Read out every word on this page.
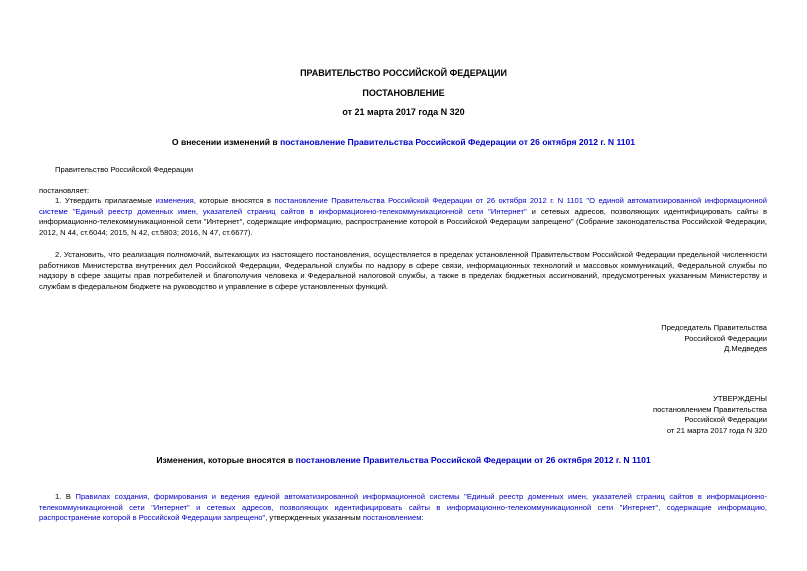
ПРАВИТЕЛЬСТВО РОССИЙСКОЙ ФЕДЕРАЦИИ
ПОСТАНОВЛЕНИЕ
от 21 марта 2017 года N 320
О внесении изменений в постановление Правительства Российской Федерации от 26 октября 2012 г. N 1101
Правительство Российской Федерации
постановляет:
1. Утвердить прилагаемые изменения, которые вносятся в постановление Правительства Российской Федерации от 26 октября 2012 г. N 1101 "О единой автоматизированной информационной системе "Единый реестр доменных имен, указателей страниц сайтов в информационно-телекоммуникационной сети "Интернет" и сетевых адресов, позволяющих идентифицировать сайты в информационно-телекоммуникационной сети "Интернет", содержащие информацию, распространение которой в Российской Федерации запрещено" (Собрание законодательства Российской Федерации, 2012, N 44, ст.6044; 2015, N 42, ст.5803; 2016, N 47, ст.6677).
2. Установить, что реализация полномочий, вытекающих из настоящего постановления, осуществляется в пределах установленной Правительством Российской Федерации предельной численности работников Министерства внутренних дел Российской Федерации, Федеральной службы по надзору в сфере связи, информационных технологий и массовых коммуникаций, Федеральной службы по надзору в сфере защиты прав потребителей и благополучия человека и Федеральной налоговой службы, а также в пределах бюджетных ассигнований, предусмотренных указанным Министерству и службам в федеральном бюджете на руководство и управление в сфере установленных функций.
Председатель Правительства
Российской Федерации
Д.Медведев
УТВЕРЖДЕНЫ
постановлением Правительства
Российской Федерации
от 21 марта 2017 года N 320
Изменения, которые вносятся в постановление Правительства Российской Федерации от 26 октября 2012 г. N 1101
1. В Правилах создания, формирования и ведения единой автоматизированной информационной системы "Единый реестр доменных имен, указателей страниц сайтов в информационно-телекоммуникационной сети "Интернет" и сетевых адресов, позволяющих идентифицировать сайты в информационно-телекоммуникационной сети "Интернет", содержащие информацию, распространение которой в Российской Федерации запрещено", утвержденных указанным постановлением:
